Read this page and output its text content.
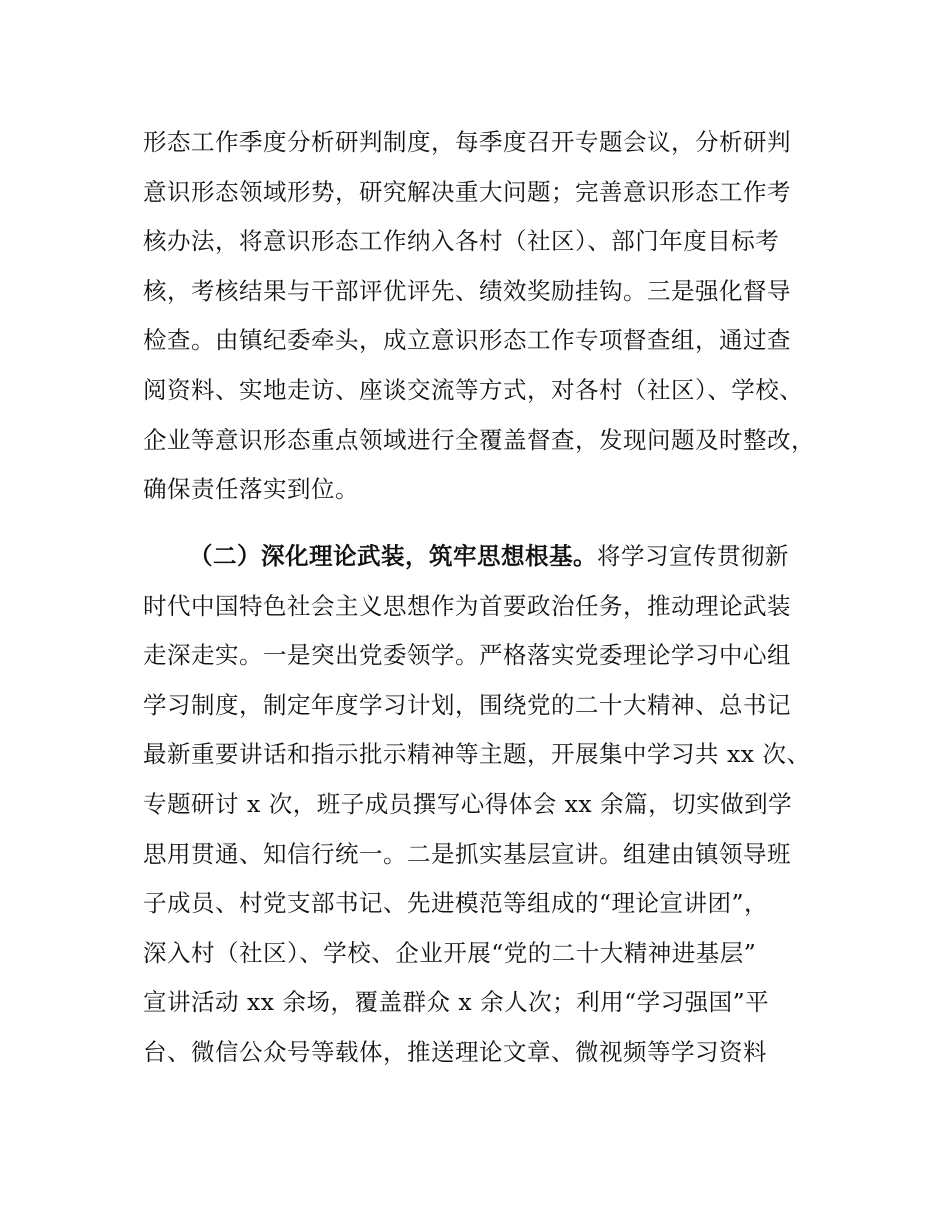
形态工作季度分析研判制度，每季度召开专题会议，分析研判
意识形态领域形势，研究解决重大问题；完善意识形态工作考
核办法，将意识形态工作纳入各村（社区）、部门年度目标考
核，考核结果与干部评优评先、绩效奖励挂钩。三是强化督导
检查。由镇纪委牵头，成立意识形态工作专项督查组，通过查
阅资料、实地走访、座谈交流等方式，对各村（社区）、学校、
企业等意识形态重点领域进行全覆盖督查，发现问题及时整改，
确保责任落实到位。
（二）深化理论武装，筑牢思想根基。将学习宣传贯彻新
时代中国特色社会主义思想作为首要政治任务，推动理论武装
走深走实。一是突出党委领学。严格落实党委理论学习中心组
学习制度，制定年度学习计划，围绕党的二十大精神、总书记
最新重要讲话和指示批示精神等主题，开展集中学习共 xx 次、
专题研讨 x 次，班子成员撰写心得体会 xx 余篇，切实做到学
思用贯通、知信行统一。二是抓实基层宣讲。组建由镇领导班
子成员、村党支部书记、先进模范等组成的“理论宣讲团”，
深入村（社区）、学校、企业开展“党的二十大精神进基层”
宣讲活动 xx 余场，覆盖群众 x 余人次；利用“学习强国”平
台、微信公众号等载体，推送理论文章、微视频等学习资料
